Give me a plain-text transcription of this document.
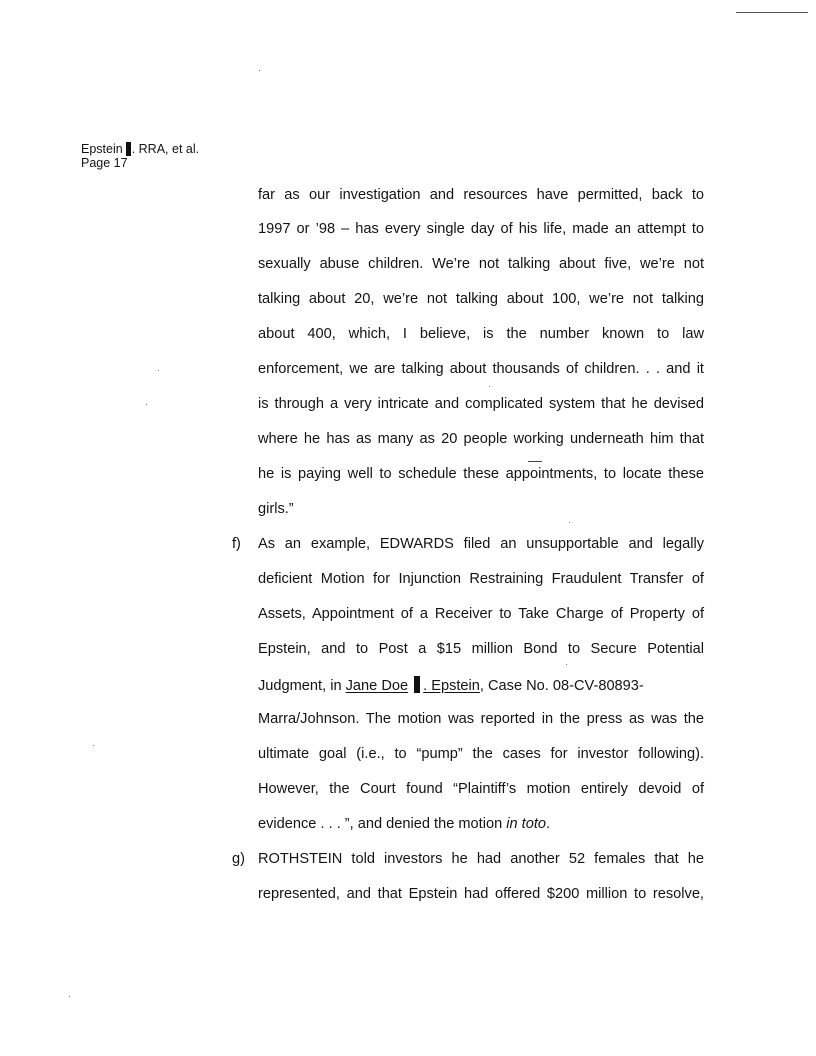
Epstein . RRA, et al.
Page 17
far as our investigation and resources have permitted, back to
1997 or ’98 – has every single day of his life, made an attempt to
sexually abuse children. We’re not talking about five, we’re not
talking about 20, we’re not talking about 100, we’re not talking
about 400, which, I believe, is the number known to law
enforcement, we are talking about thousands of children. . . and it
is through a very intricate and complicated system that he devised
where he has as many as 20 people working underneath him that
he is paying well to schedule these appointments, to locate these
girls.”
f) As an example, EDWARDS filed an unsupportable and legally
deficient Motion for Injunction Restraining Fraudulent Transfer of
Assets, Appointment of a Receiver to Take Charge of Property of
Epstein, and to Post a $15 million Bond to Secure Potential
Judgment, in Jane Doe . Epstein, Case No. 08-CV-80893-
Marra/Johnson. The motion was reported in the press as was the
ultimate goal (i.e., to “pump” the cases for investor following).
However, the Court found “Plaintiff’s motion entirely devoid of
evidence . . . ”, and denied the motion in toto.
g) ROTHSTEIN told investors he had another 52 females that he
represented, and that Epstein had offered $200 million to resolve,
